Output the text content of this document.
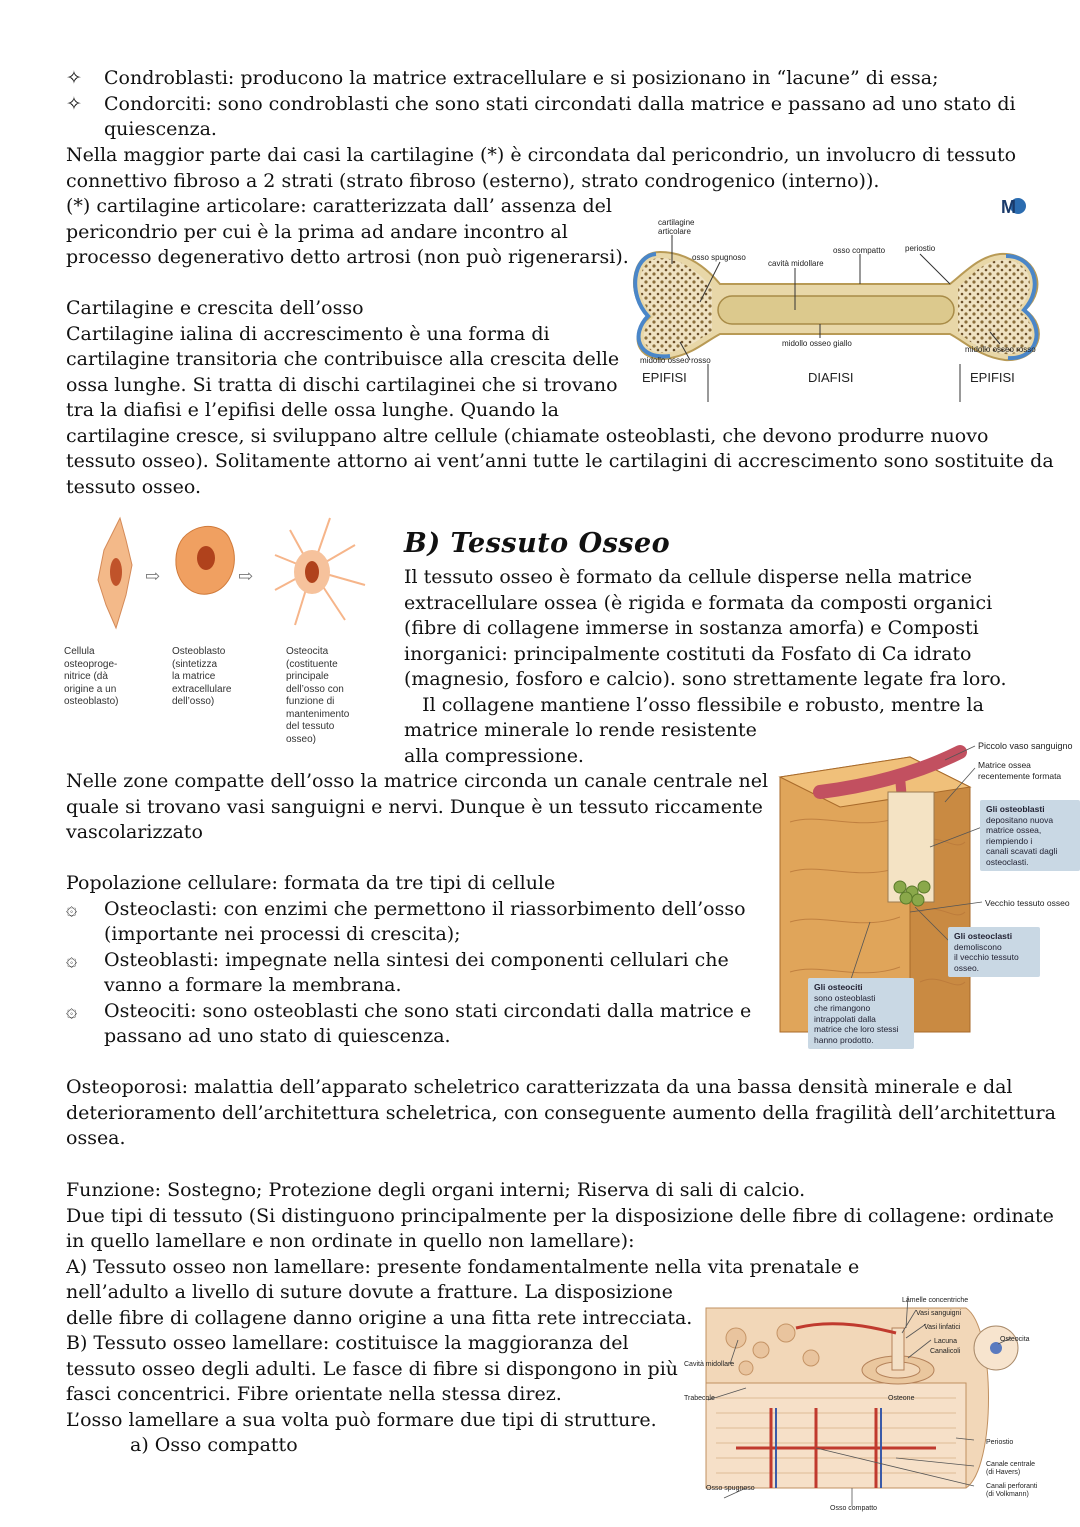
✧	Condroblasti: producono la matrice extracellulare e si posizionano in “lacune” di essa;
✧	Condorciti: sono condroblasti che sono stati circondati dalla matrice e passano ad uno stato di
quiescenza.
Nella maggior parte dai casi la cartilagine (*) è circondata dal pericondrio, un involucro di tessuto
connettivo fibroso a 2 strati (strato fibroso (esterno), strato condrogenico (interno)).
(*) cartilagine articolare: caratterizzata dall’ assenza del
pericondrio per cui è la prima ad andare incontro al
processo degenerativo detto artrosi (non può rigenerarsi).
Cartilagine e crescita dell’osso
Cartilagine ialina di accrescimento è una forma di
cartilagine transitoria che contribuisce alla crescita delle
ossa lunghe. Si tratta di dischi cartilaginei che si trovano
tra la diafisi e l’epifisi delle ossa lunghe. Quando la
cartilagine cresce, si sviluppano altre cellule (chiamate osteoblasti, che devono produrre nuovo
tessuto osseo). Solitamente attorno ai vent’anni tutte le cartilagini di accrescimento sono sostituite da
tessuto osseo.
cartilagine
articolare
osso spugnoso
cavità midollare
osso compatto periostio
midollo osseo giallo
midollo osseo rosso
midollo osseo rosso
EPIFISI	DIAFISI	EPIFISI
M
⇨	⇨
Cellula
osteoproge-
nitrice (dà
origine a un
osteoblasto)
Osteoblasto
(sintetizza
la matrice
extracellulare
dell’osso)
Osteocita
(costituente
principale
dell’osso con
funzione di
mantenimento
del tessuto
osseo)
B) Tessuto Osseo
Il tessuto osseo è formato da cellule disperse nella matrice
extracellulare ossea (è rigida e formata da composti organici
(fibre di collagene immerse in sostanza amorfa) e Composti
inorganici: principalmente costituti da Fosfato di Ca idrato
(magnesio, fosforo e calcio). sono strettamente legate fra loro.
Il collagene mantiene l’osso flessibile e robusto, mentre la
matrice minerale lo rende resistente
alla compressione.
Nelle zone compatte dell’osso la matrice circonda un canale centrale nel
quale si trovano vasi sanguigni e nervi. Dunque è un tessuto riccamente
vascolarizzato
Piccolo vaso sanguigno
Matrice ossea
recentemente formata
Vecchio tessuto osseo
Gli osteoblasti
depositano nuova
matrice ossea,
riempiendo i
canali scavati dagli
osteoclasti.
Gli osteoclasti
demoliscono
il vecchio tessuto
osseo.
Gli osteociti
sono osteoblasti
che rimangono
intrappolati dalla
matrice che loro stessi
hanno prodotto.
Popolazione cellulare: formata da tre tipi di cellule
۞	Osteoclasti: con enzimi che permettono il riassorbimento dell’osso
(importante nei processi di crescita);
۞	Osteoblasti: impegnate nella sintesi dei componenti cellulari che
vanno a formare la membrana.
۞	Osteociti: sono osteoblasti che sono stati circondati dalla matrice e
passano ad uno stato di quiescenza.
Osteoporosi: malattia dell’apparato scheletrico caratterizzata da una bassa densità minerale e dal
deterioramento dell’architettura scheletrica, con conseguente aumento della fragilità dell’architettura
ossea.
Funzione: Sostegno; Protezione degli organi interni; Riserva di sali di calcio.
Due tipi di tessuto (Si distinguono principalmente per la disposizione delle fibre di collagene: ordinate
in quello lamellare e non ordinate in quello non lamellare):
A) Tessuto osseo non lamellare: presente fondamentalmente nella vita prenatale e
nell’adulto a livello di suture dovute a fratture. La disposizione
delle fibre di collagene danno origine a una fitta rete intrecciata.
B) Tessuto osseo lamellare: costituisce la maggioranza del
tessuto osseo degli adulti. Le fasce di fibre si dispongono in più
fasci concentrici. Fibre orientate nella stessa direz.
L’osso lamellare a sua volta può formare due tipi di strutture.
a) Osso compatto
Lamelle concentriche
Vasi sanguigni
Vasi linfatici
Lacuna
Canalicoli
Osteocita
Cavità midollare
Trabecole	Osteone
Periostio
Canale centrale
(di Havers)
Canali perforanti
(di Volkmann)
Osso spugnoso
Osso compatto
